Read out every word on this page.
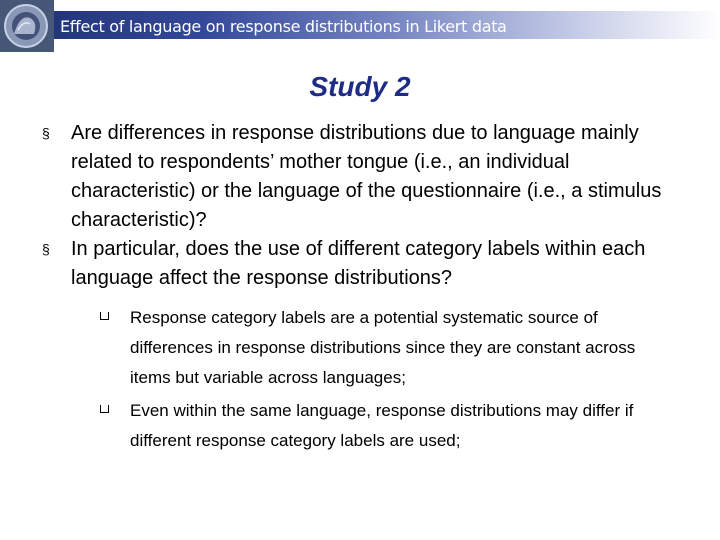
Effect of language on response distributions in Likert data
Study 2
§ Are differences in response distributions due to language mainly related to respondents’ mother tongue (i.e., an individual characteristic) or the language of the questionnaire (i.e., a stimulus characteristic)?
§ In particular, does the use of different category labels within each language affect the response distributions?
Response category labels are a potential systematic source of differences in response distributions since they are constant across items but variable across languages;
Even within the same language, response distributions may differ if different response category labels are used;
